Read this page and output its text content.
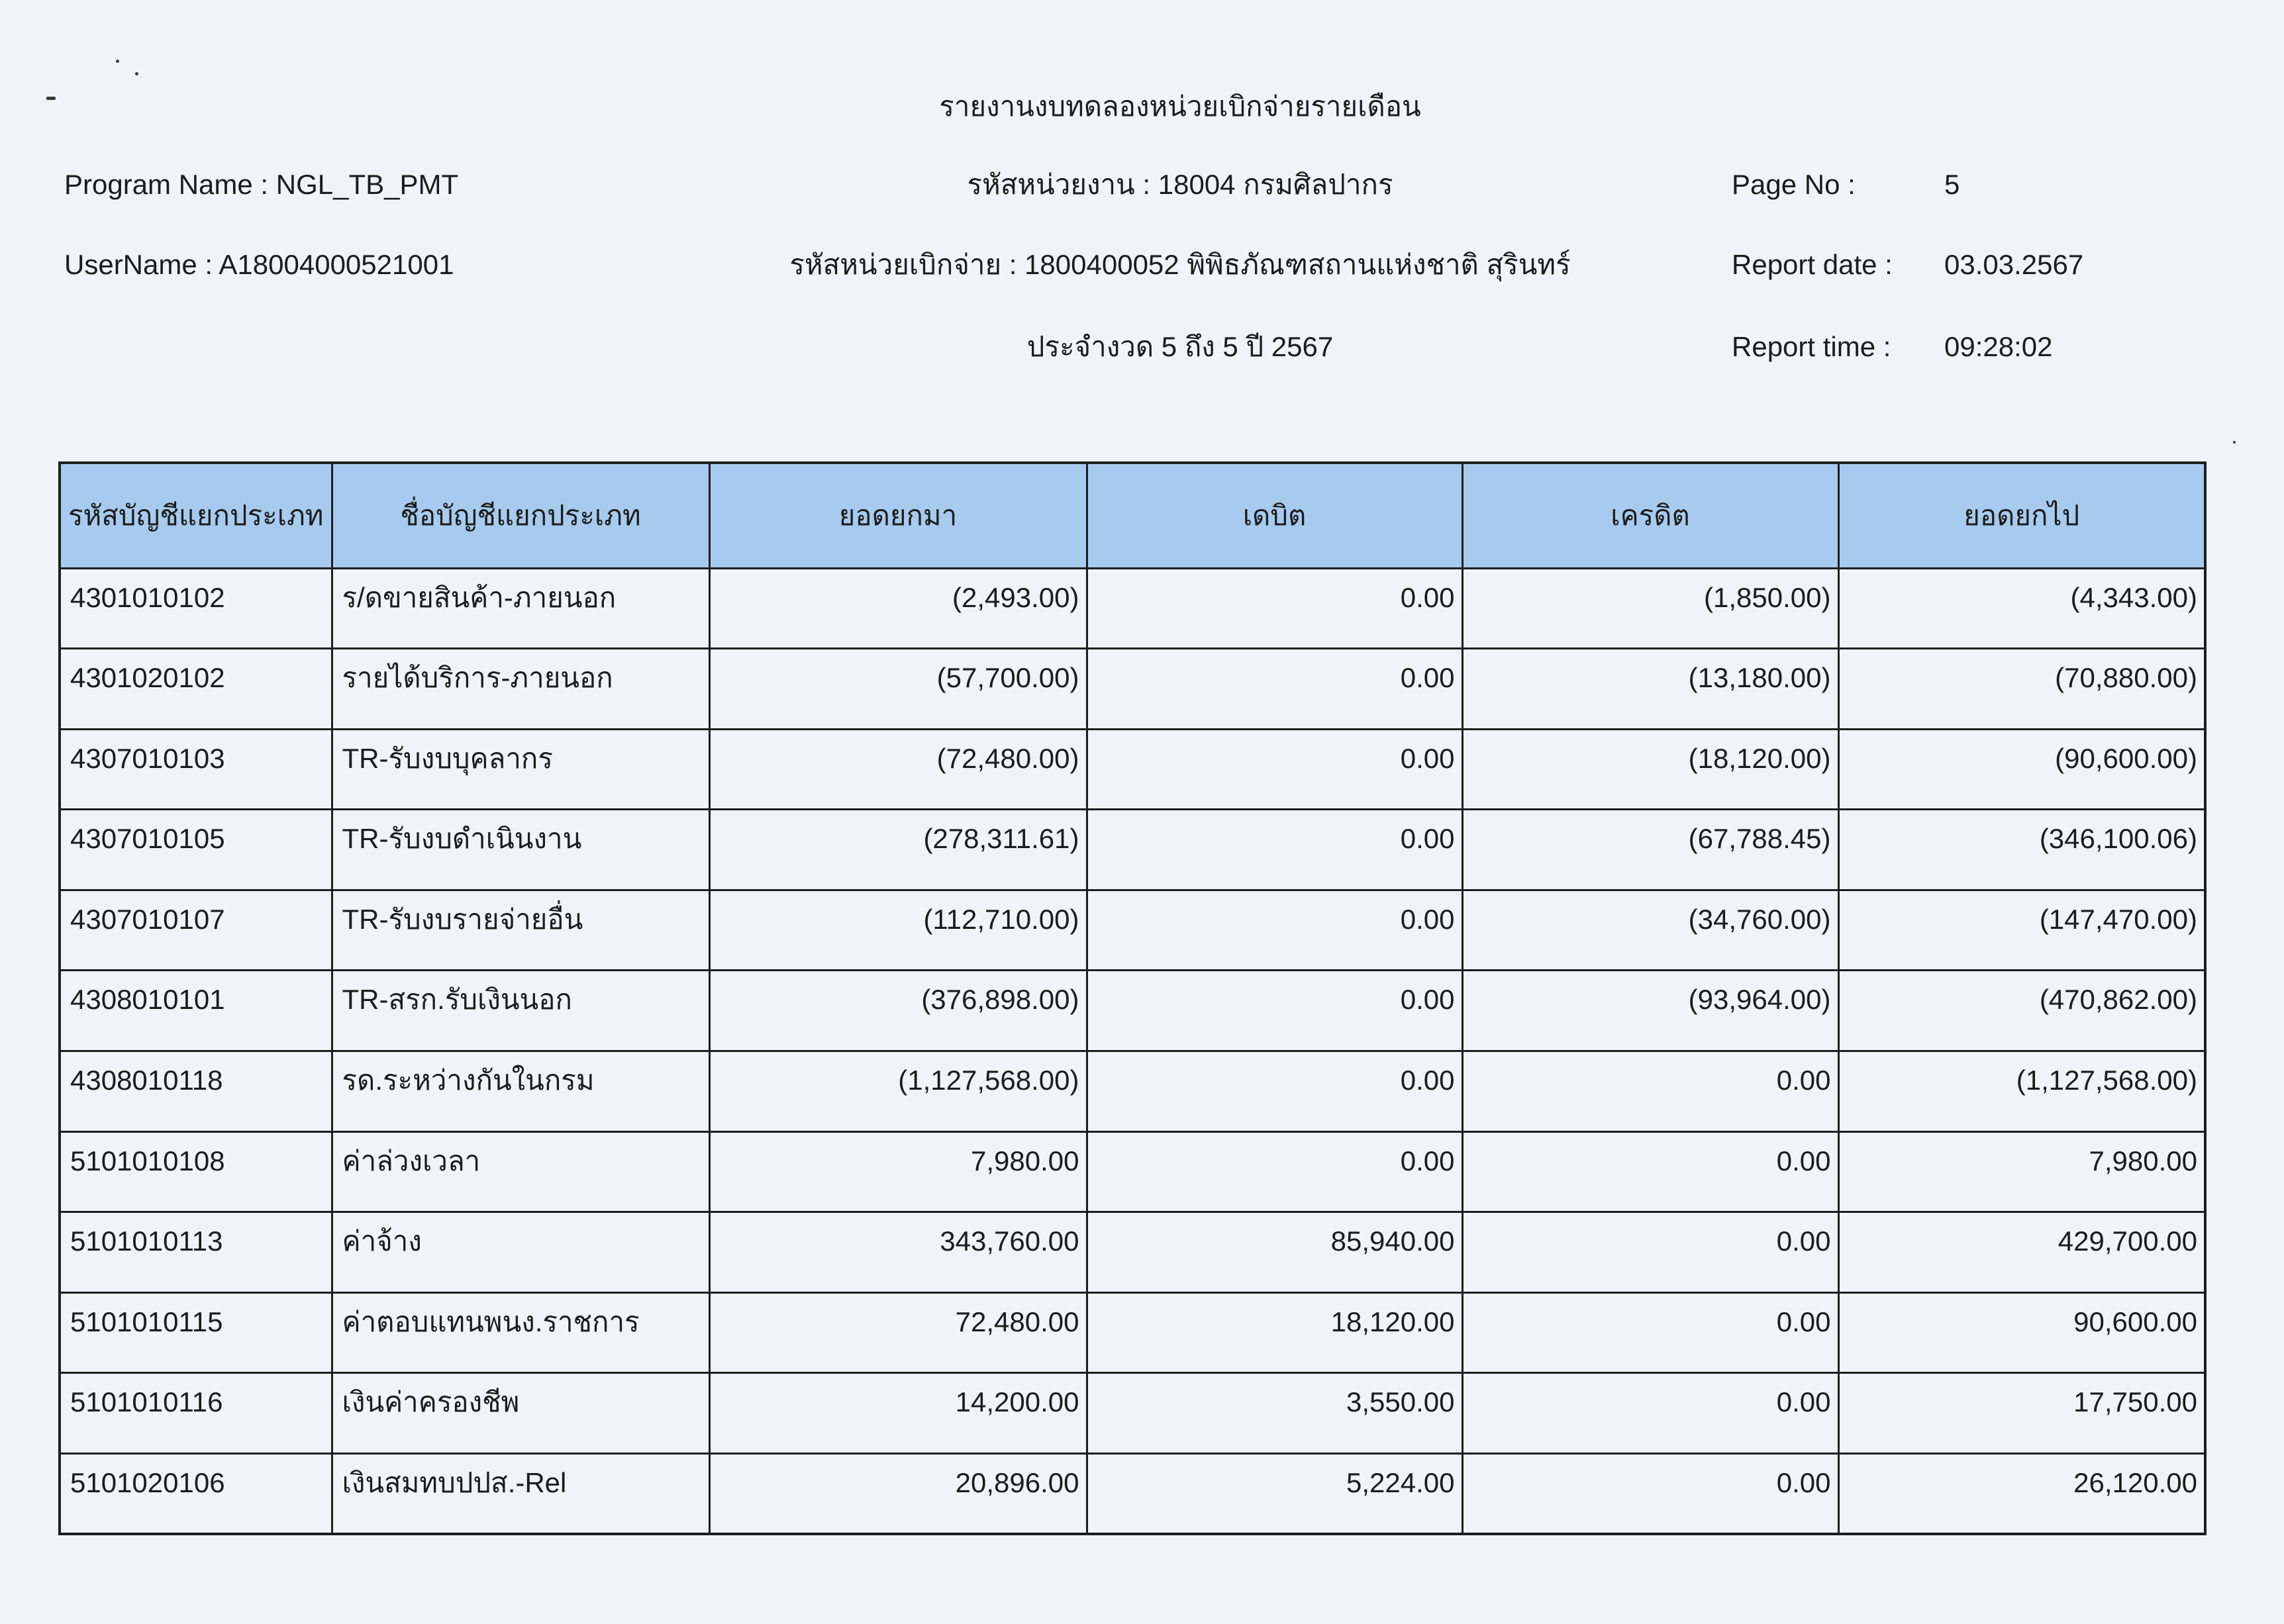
รายงานงบทดลองหน่วยเบิกจ่ายรายเดือน
Program Name : NGL_TB_PMT	รหัสหน่วยงาน : 18004 กรมศิลปากร	Page No :	5
UserName : A18004000521001	รหัสหน่วยเบิกจ่าย : 1800400052 พิพิธภัณฑสถานแห่งชาติ สุรินทร์	Report date : 03.03.2567
ประจำงวด 5 ถึง 5 ปี 2567	Report time : 09:28:02
รหัสบัญชีแยกประเภท	ชื่อบัญชีแยกประเภท	ยอดยกมา	เดบิต	เครดิต	ยอดยกไป
4301010102	ร/ดขายสินค้า-ภายนอก	(2,493.00)	0.00	(1,850.00)	(4,343.00)
4301020102	รายได้บริการ-ภายนอก	(57,700.00)	0.00	(13,180.00)	(70,880.00)
4307010103	TR-รับงบบุคลากร	(72,480.00)	0.00	(18,120.00)	(90,600.00)
4307010105	TR-รับงบดำเนินงาน	(278,311.61)	0.00	(67,788.45)	(346,100.06)
4307010107	TR-รับงบรายจ่ายอื่น	(112,710.00)	0.00	(34,760.00)	(147,470.00)
4308010101	TR-สรก.รับเงินนอก	(376,898.00)	0.00	(93,964.00)	(470,862.00)
4308010118	รด.ระหว่างกันในกรม	(1,127,568.00)	0.00	0.00	(1,127,568.00)
5101010108	ค่าล่วงเวลา	7,980.00	0.00	0.00	7,980.00
5101010113	ค่าจ้าง	343,760.00	85,940.00	0.00	429,700.00
5101010115	ค่าตอบแทนพนง.ราชการ	72,480.00	18,120.00	0.00	90,600.00
5101010116	เงินค่าครองชีพ	14,200.00	3,550.00	0.00	17,750.00
5101020106	เงินสมทบปปส.-Rel	20,896.00	5,224.00	0.00	26,120.00
